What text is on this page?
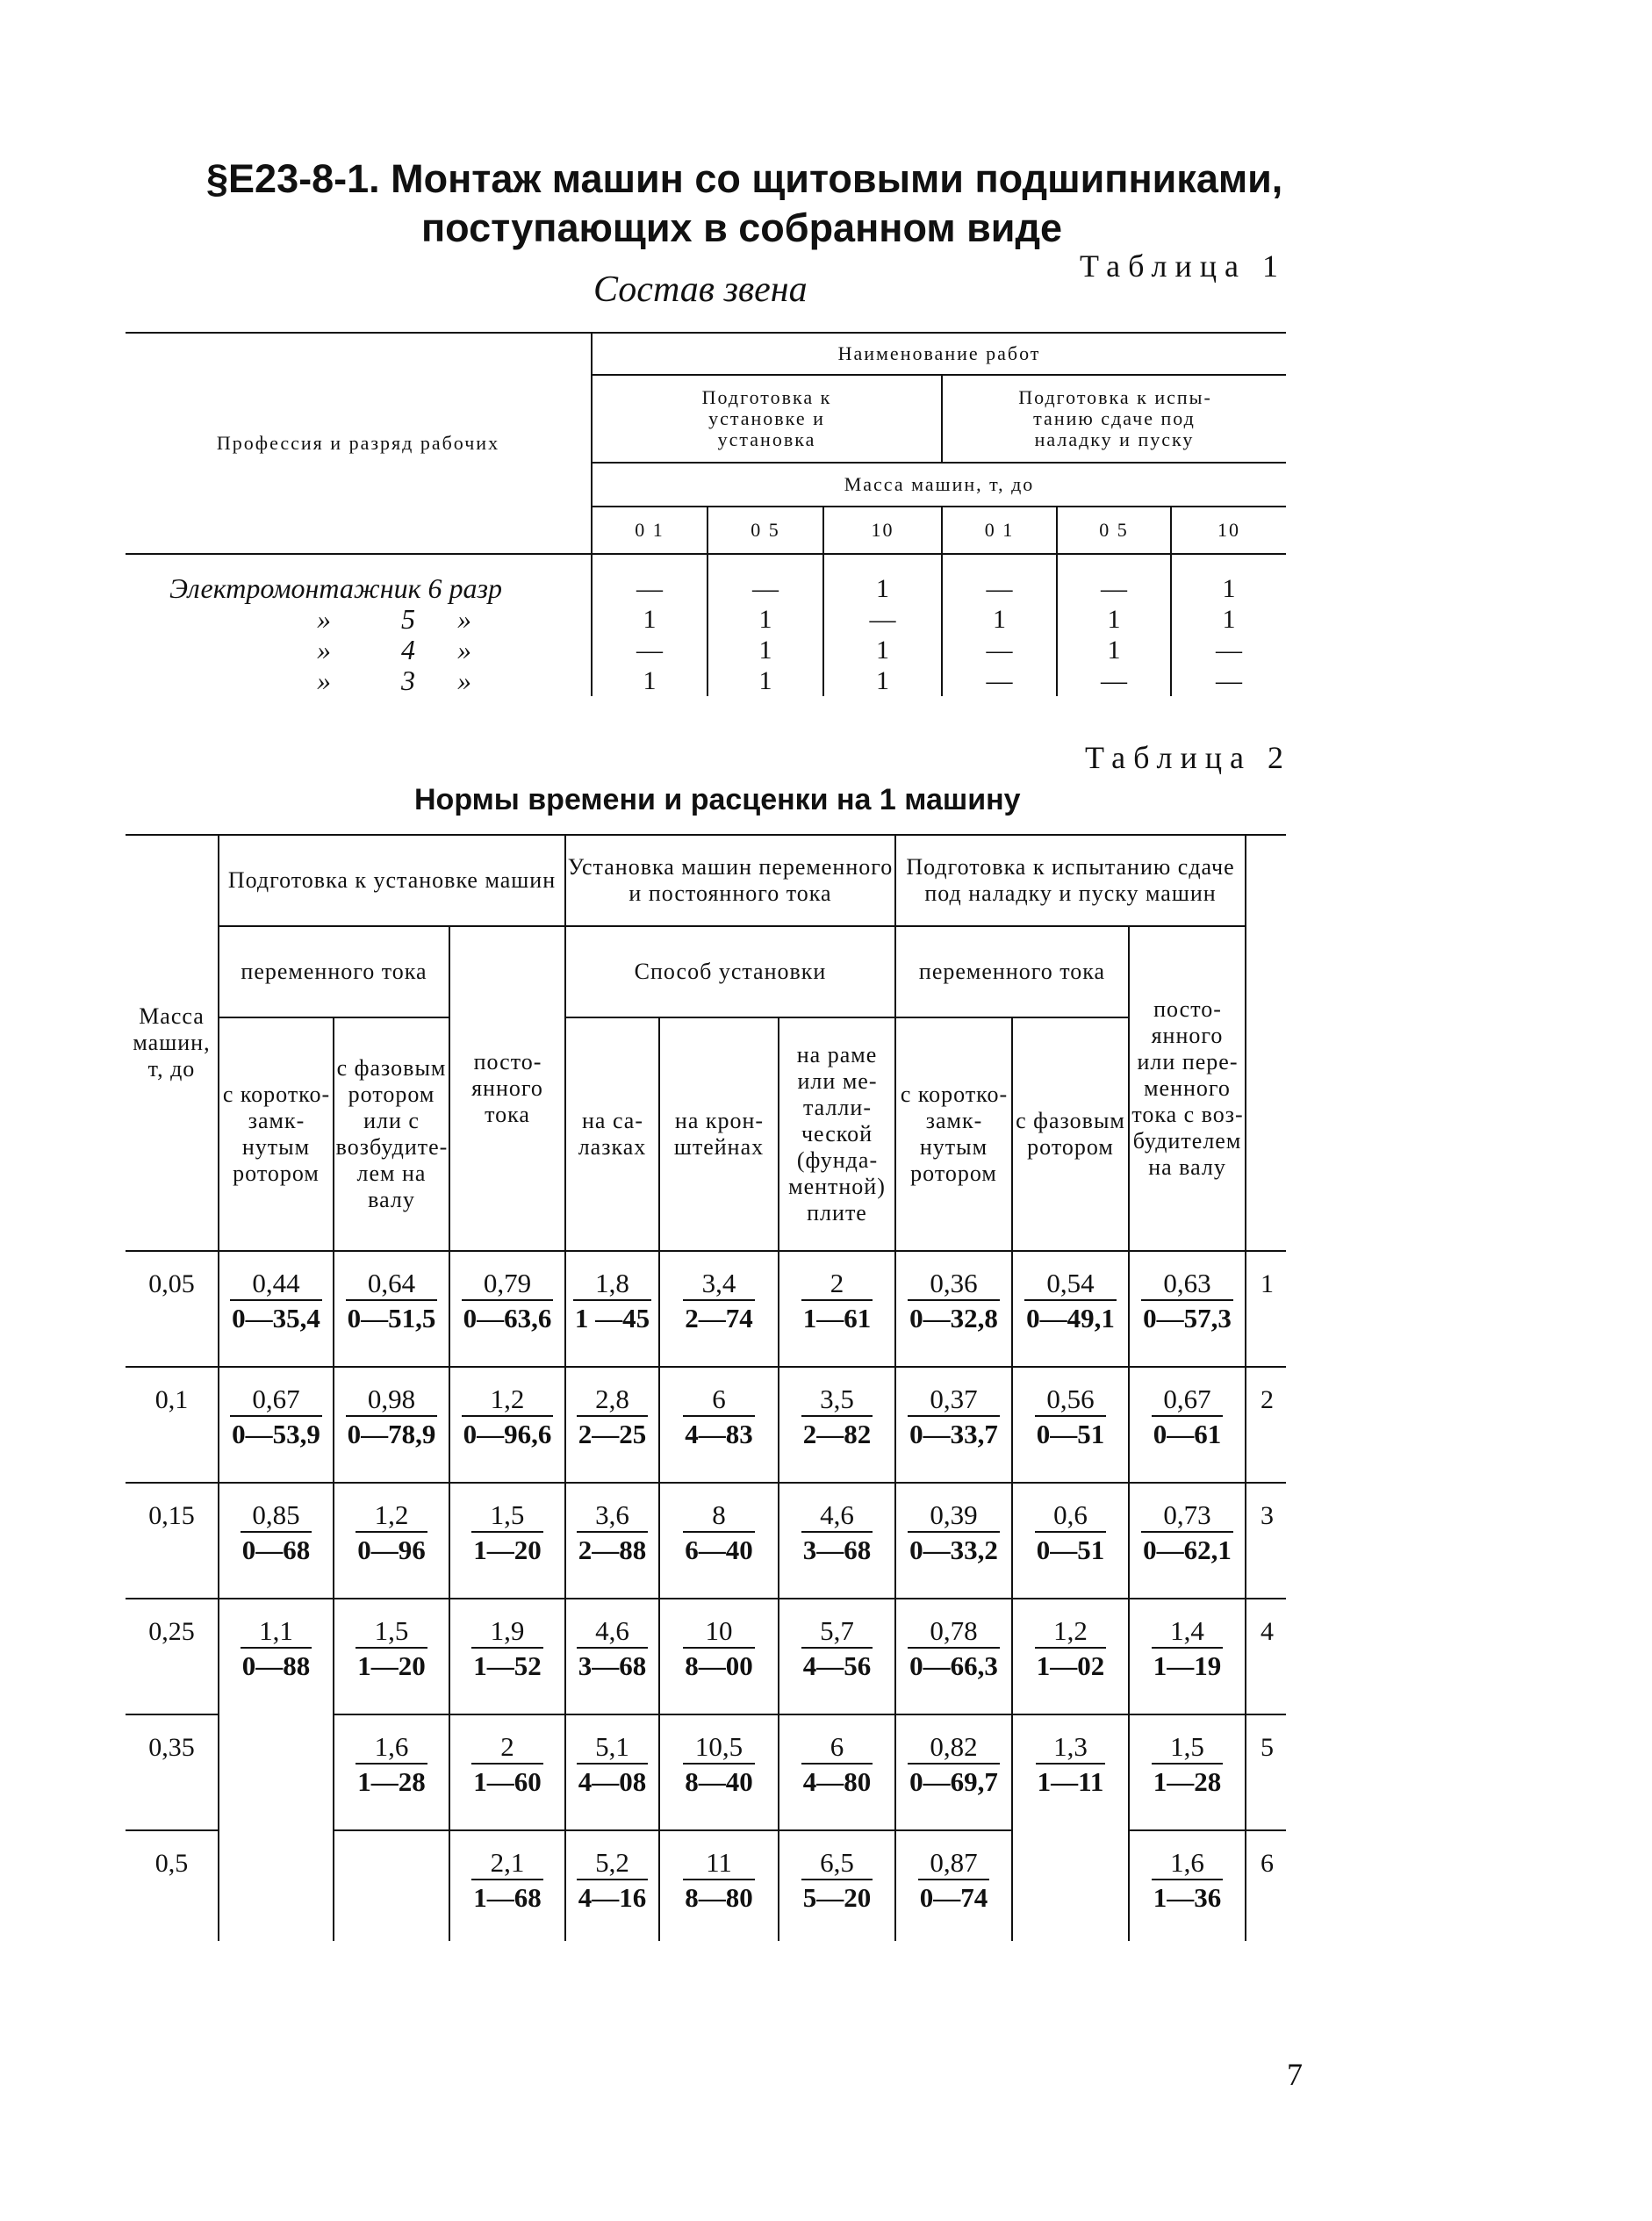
§Е23-8-1. Монтаж машин со щитовыми подшипниками,
поступающих в собранном виде
Таблица 1
Состав звена
Профессия и разряд рабочих	Наименование работ					
	Подготовка к установке и установка			Подготовка к испытанию сдаче под наладку и пуску		
	Масса машин, т, до					
	0 1	0 5	10	0 1	0 5	10

Электромонтажник 6 разр	—	—	1	—	—	1
»          5      »	1	1	—	1	1	1
»          4      »	—	1	1	—	1	—
»          3      »	1	1	1	—	—	—
Таблица 2
Нормы времени и расценки на 1 машину
Масса машин, т, до	Подготовка к установке машин			Установка машин переменного и постоянного тока			Подготовка к испытанию сдаче под наладку и пуску машин			
	переменного тока		постоянного тока	Способ установки			переменного тока		постоянного или переменного тока с возбудителем на валу	
	с короткозамкнутым ротором	с фазовым ротором или с возбудителем на валу		на салазках	на кронштейнах	на раме или металлической (фундаментной) плите	с короткозамкнутым ротором	с фазовым ротором		
0,05	$\frac{0,44}{0—35,4}$	$\frac{0,64}{0—51,5}$	$\frac{0,79}{0—63,6}$	$\frac{1,8}{1 —45}$	$\frac{3,4}{2—74}$	$\frac{2}{1—61}$	$\frac{0,36}{0—32,8}$	$\frac{0,54}{0—49,1}$	$\frac{0,63}{0—57,3}$	1
0,1	$\frac{0,67}{0—53,9}$	$\frac{0,98}{0—78,9}$	$\frac{1,2}{0—96,6}$	$\frac{2,8}{2—25}$	$\frac{6}{4—83}$	$\frac{3,5}{2—82}$	$\frac{0,37}{0—33,7}$	$\frac{0,56}{0—51}$	$\frac{0,67}{0—61}$	2
0,15	$\frac{0,85}{0—68}$	$\frac{1,2}{0—96}$	$\frac{1,5}{1—20}$	$\frac{3,6}{2—88}$	$\frac{8}{6—40}$	$\frac{4,6}{3—68}$	$\frac{0,39}{0—33,2}$	$\frac{0,6}{0—51}$	$\frac{0,73}{0—62,1}$	3
0,25	$\frac{1,1}{0—88}$	$\frac{1,5}{1—20}$	$\frac{1,9}{1—52}$	$\frac{4,6}{3—68}$	$\frac{10}{8—00}$	$\frac{5,7}{4—56}$	$\frac{0,78}{0—66,3}$	$\frac{1,2}{1—02}$	$\frac{1,4}{1—19}$	4
0,35		$\frac{1,6}{1—28}$	$\frac{2}{1—60}$	$\frac{5,1}{4—08}$	$\frac{10,5}{8—40}$	$\frac{6}{4—80}$	$\frac{0,82}{0—69,7}$	$\frac{1,3}{1—11}$	$\frac{1,5}{1—28}$	5
0,5			$\frac{2,1}{1—68}$	$\frac{5,2}{4—16}$	$\frac{11}{8—80}$	$\frac{6,5}{5—20}$	$\frac{0,87}{0—74}$		$\frac{1,6}{1—36}$	6
7
